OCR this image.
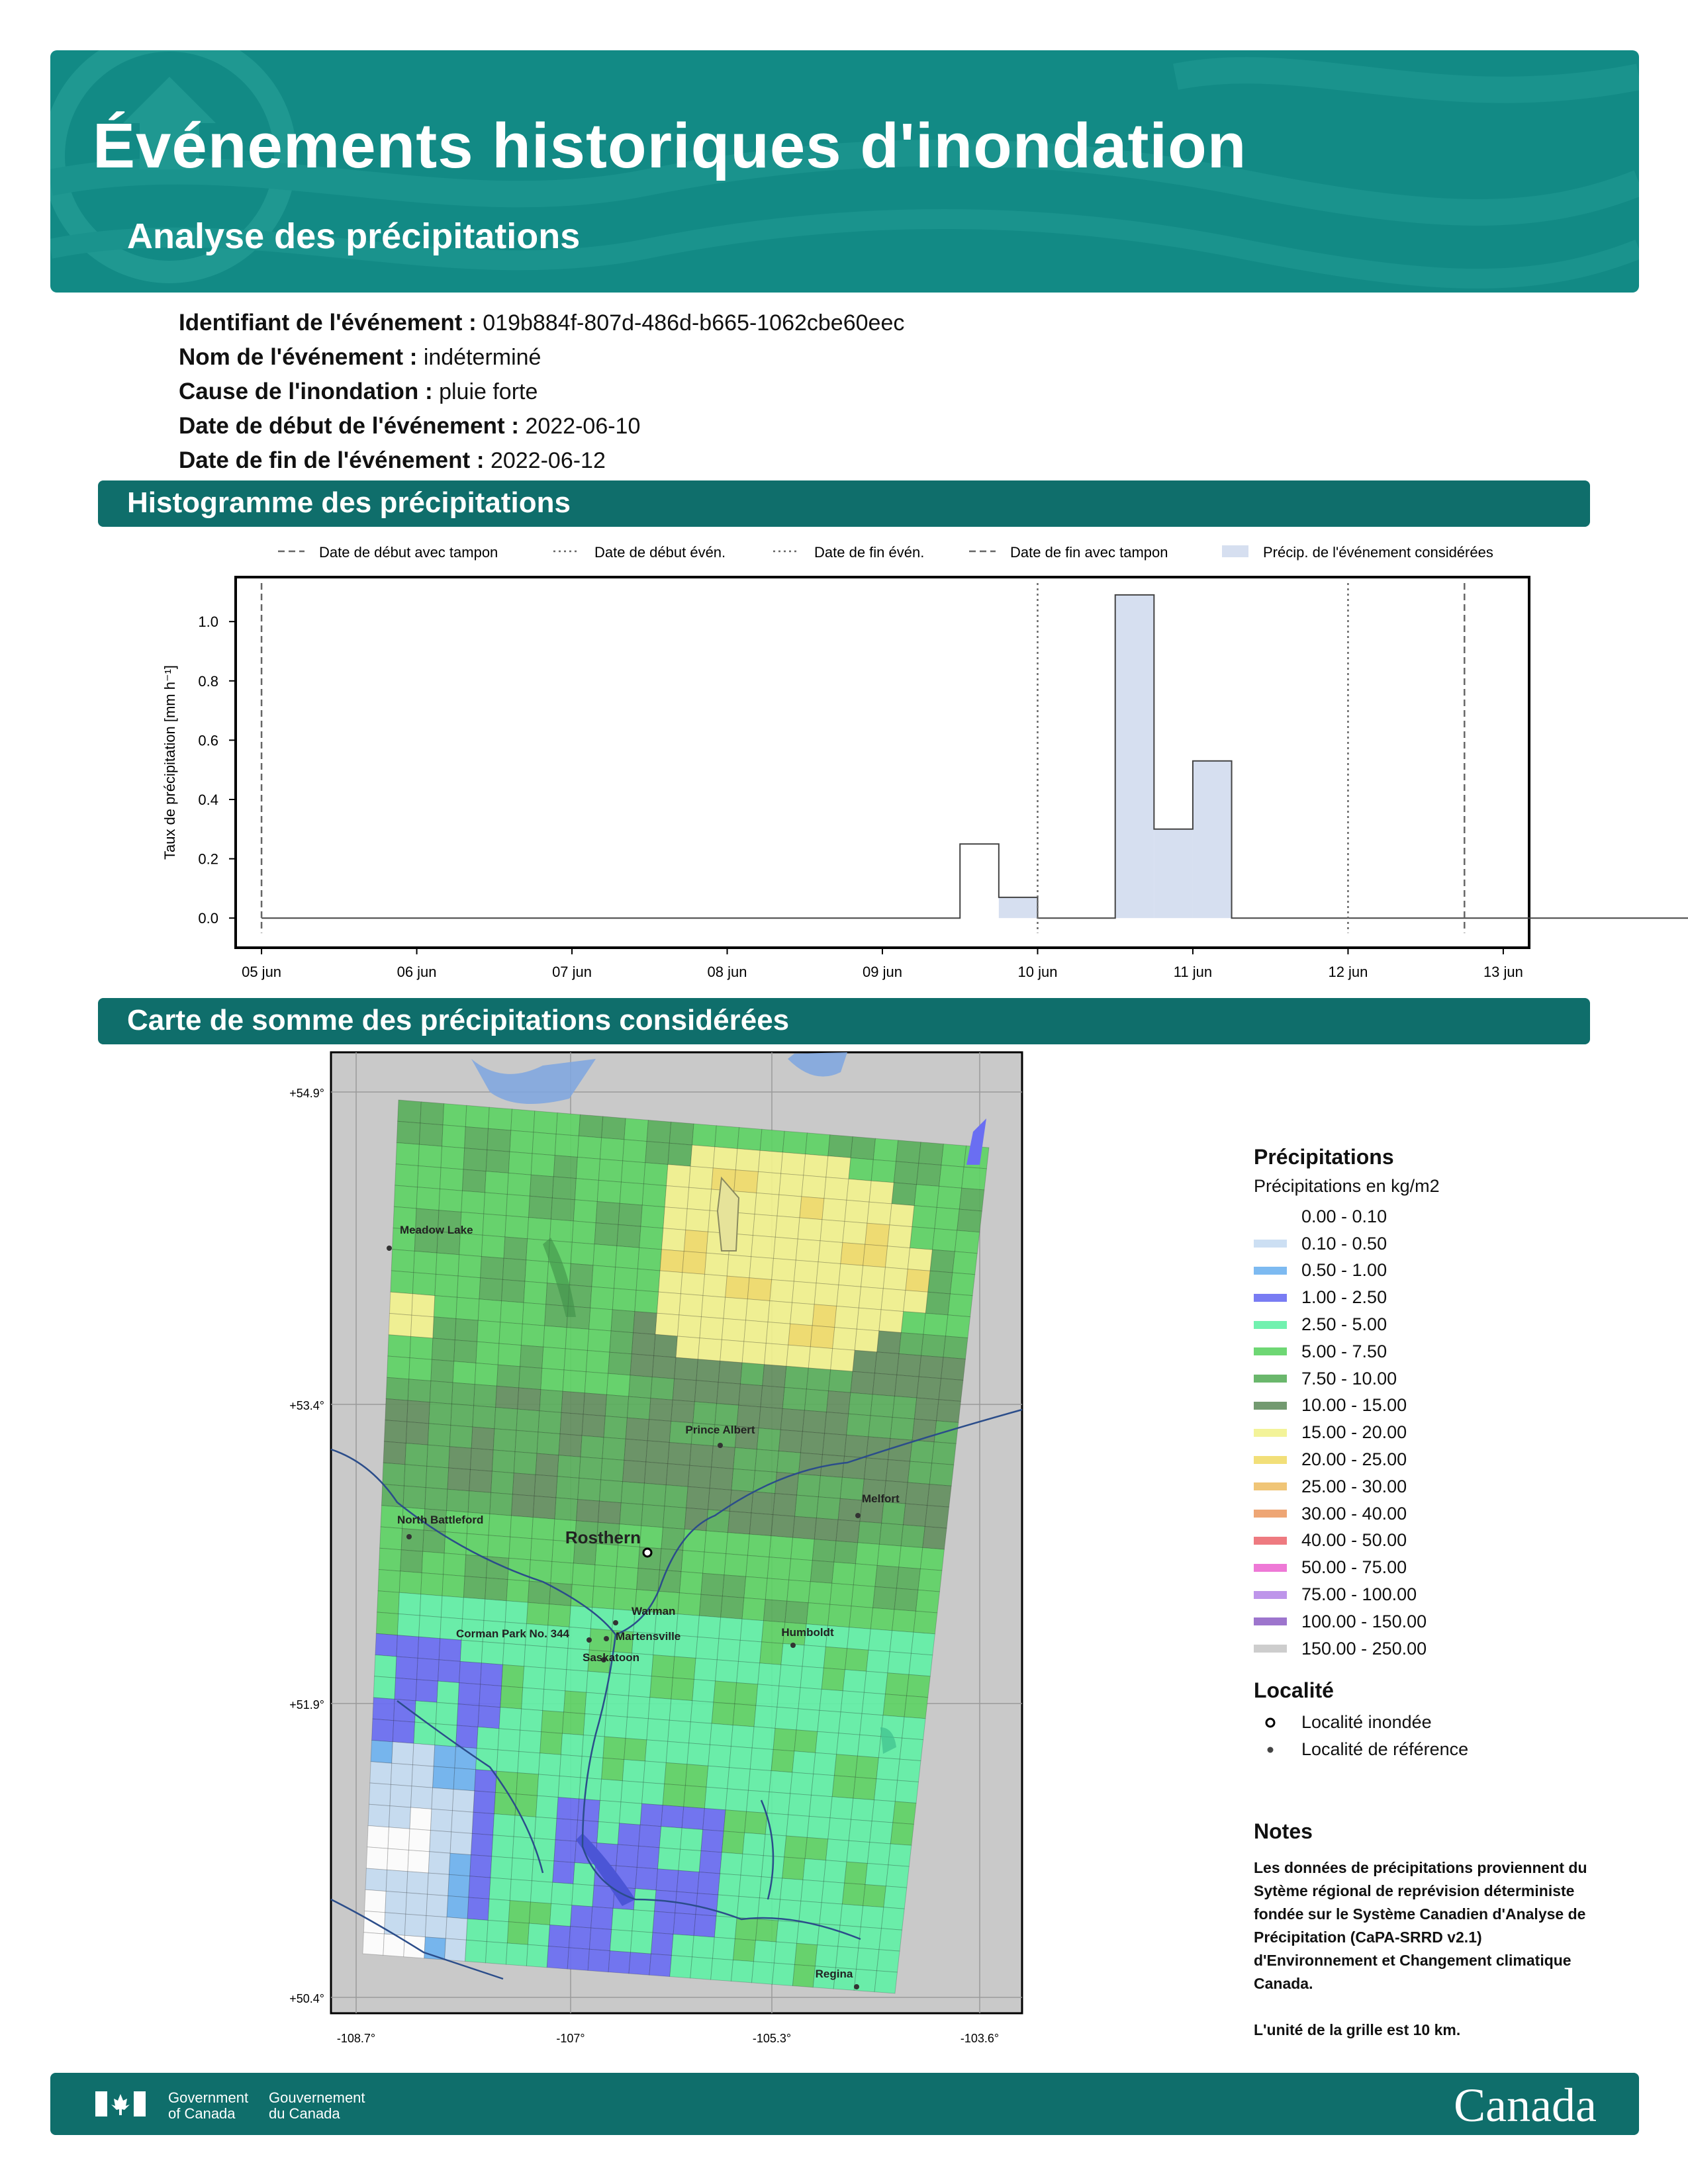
Événements historiques d'inondation
Analyse des précipitations
Identifiant de l'événement : 019b884f-807d-486d-b665-1062cbe60eec
Nom de l'événement : indéterminé
Cause de l'inondation : pluie forte
Date de début de l'événement : 2022-06-10
Date de fin de l'événement : 2022-06-12
Histogramme des précipitations
Date de début avec tampon	Date de début évén.	Date de fin évén.	Date de fin avec tampon	Précip. de l'événement considérées
0.0
0.2
0.4
0.6
0.8
1.0
05 jun	06 jun	07 jun	08 jun	09 jun	10 jun	11 jun	12 jun	13 jun
Taux de précipitation [mm h⁻¹]
Carte de somme des précipitations considérées
+54.9°
+53.4°
+51.9°
+50.4°
-108.7°	-107°	-105.3°	-103.6°
Meadow Lake
Prince Albert
Melfort
North Battleford
Rosthern
Warman
Corman Park No. 344	Martensville
Saskatoon
Humboldt
Regina
Précipitations
Précipitations en kg/m2
0.00 - 0.10
0.10 - 0.50
0.50 - 1.00
1.00 - 2.50
2.50 - 5.00
5.00 - 7.50
7.50 - 10.00
10.00 - 15.00
15.00 - 20.00
20.00 - 25.00
25.00 - 30.00
30.00 - 40.00
40.00 - 50.00
50.00 - 75.00
75.00 - 100.00
100.00 - 150.00
150.00 - 250.00
Localité
Localité inondée
Localité de référence
Notes
Les données de précipitations proviennent du Sytème régional de reprévision déterministe fondée sur le Système Canadien d'Analyse de Précipitation (CaPA-SRRD v2.1) d'Environnement et Changement climatique Canada.
L'unité de la grille est 10 km.
Government
of Canada
Gouvernement
du Canada	Canada
